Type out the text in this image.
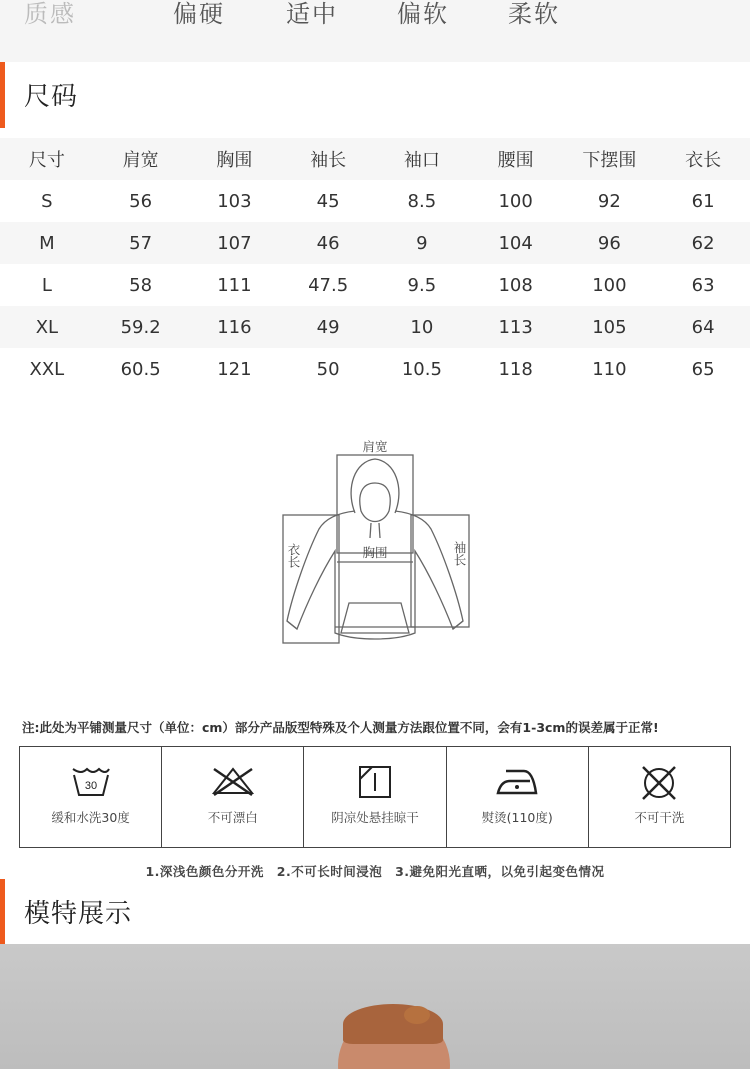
质感	偏硬	适中 偏软 柔软
尺码
尺寸	肩宽	胸围	袖长	袖口	腰围	下摆围	衣长
S	56	103	45	8.5	100	92	61
M	57	107	46	9	104	96	62
L	58	111	47.5	9.5	108	100	63
XL	59.2	116	49	10	113	105	64
XXL	60.5	121	50	10.5	118	110	65
肩宽
胸围
衣长	袖长
注:此处为平铺测量尺寸（单位：cm）部分产品版型特殊及个人测量方法跟位置不同，会有1-3cm的误差属于正常!
30
缓和水洗30度	不可漂白	阴凉处悬挂晾干	熨烫(110度)	不可干洗
1.深浅色颜色分开洗 2.不可长时间浸泡 3.避免阳光直晒，以免引起变色情况
模特展示
